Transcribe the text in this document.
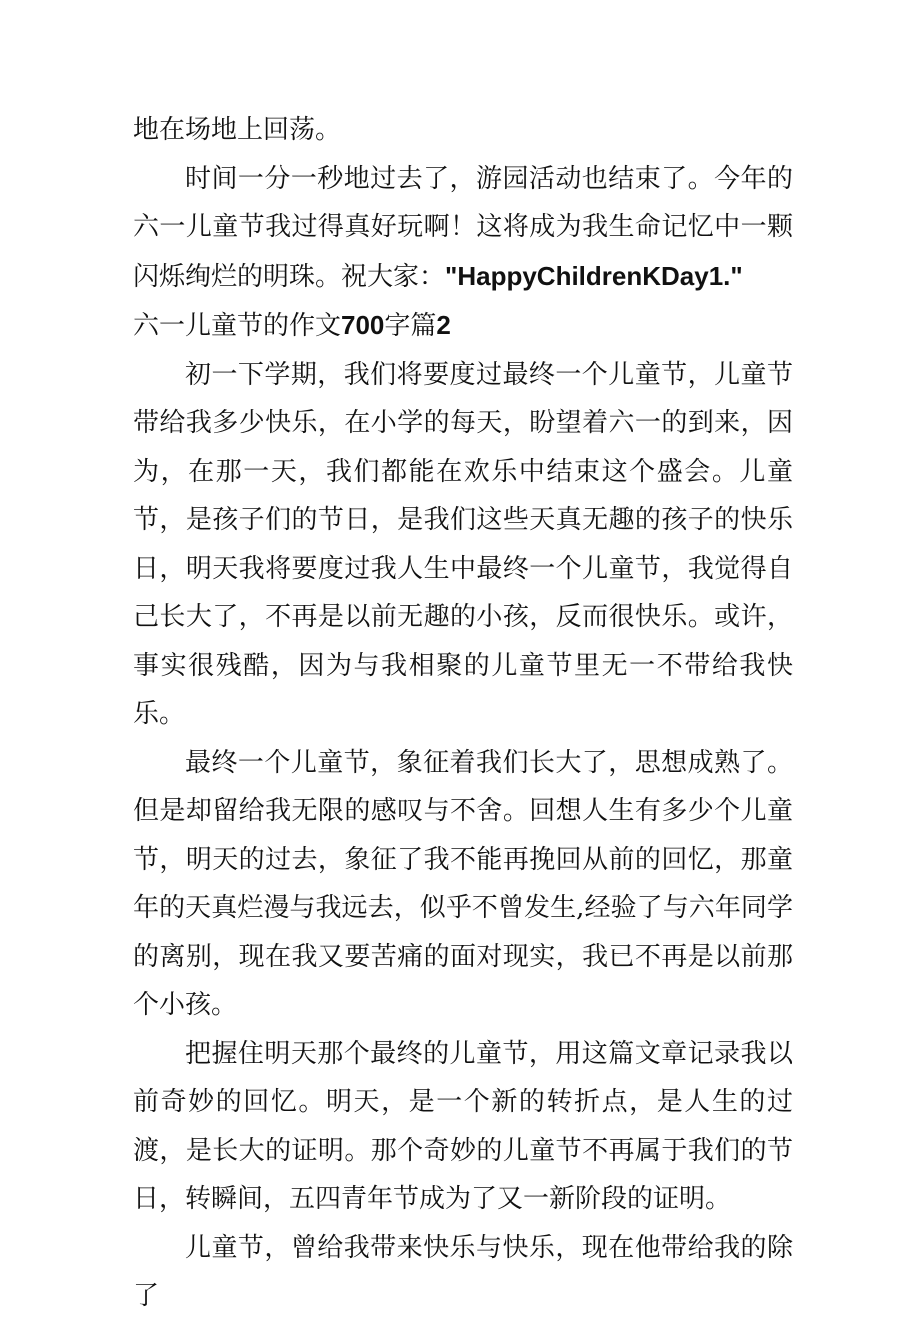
地在场地上回荡。

时间一分一秒地过去了，游园活动也结束了。今年的六一儿童节我过得真好玩啊！这将成为我生命记忆中一颗闪烁绚烂的明珠。祝大家："HappyChildrenKDay1."

六一儿童节的作文700字篇2

初一下学期，我们将要度过最终一个儿童节，儿童节带给我多少快乐，在小学的每天，盼望着六一的到来，因为，在那一天，我们都能在欢乐中结束这个盛会。儿童节，是孩子们的节日，是我们这些天真无趣的孩子的快乐日，明天我将要度过我人生中最终一个儿童节，我觉得自己长大了，不再是以前无趣的小孩，反而很快乐。或许，事实很残酷，因为与我相聚的儿童节里无一不带给我快乐。

最终一个儿童节，象征着我们长大了，思想成熟了。但是却留给我无限的感叹与不舍。回想人生有多少个儿童节，明天的过去，象征了我不能再挽回从前的回忆，那童年的天真烂漫与我远去，似乎不曾发生,经验了与六年同学的离别，现在我又要苦痛的面对现实，我已不再是以前那个小孩。

把握住明天那个最终的儿童节，用这篇文章记录我以前奇妙的回忆。明天，是一个新的转折点，是人生的过渡，是长大的证明。那个奇妙的儿童节不再属于我们的节日，转瞬间，五四青年节成为了又一新阶段的证明。

儿童节，曾给我带来快乐与快乐，现在他带给我的除了
